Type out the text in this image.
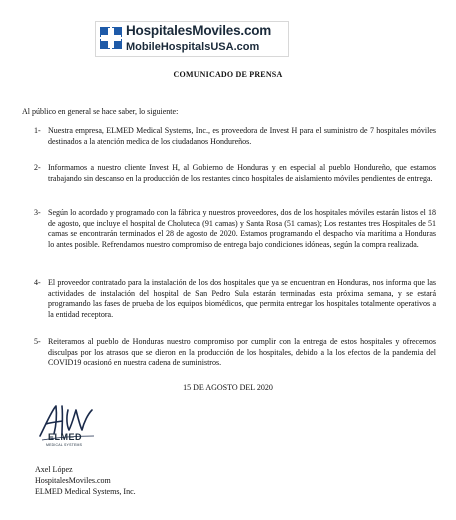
HospitalesMoviles.com
MobileHospitalsUSA.com
COMUNICADO DE PRENSA
Al público en general se hace saber, lo siguiente:
1- Nuestra empresa, ELMED Medical Systems, Inc., es proveedora de Invest H para el suministro de 7 hospitales móviles destinados a la atención medica de los ciudadanos Hondureños.
2- Informamos a nuestro cliente Invest H, al Gobierno de Honduras y en especial al pueblo Hondureño, que estamos trabajando sin descanso en la producción de los restantes cinco hospitales de aislamiento móviles pendientes de entrega.
3- Según lo acordado y programado con la fábrica y nuestros proveedores, dos de los hospitales móviles estarán listos el 18 de agosto, que incluye el hospital de Choluteca (91 camas) y Santa Rosa (51 camas); Los restantes tres Hospitales de 51 camas se encontrarán terminados el 28 de agosto de 2020. Estamos programando el despacho vía marítima a Honduras lo antes posible. Refrendamos nuestro compromiso de entrega bajo condiciones idóneas, según la compra realizada.
4- El proveedor contratado para la instalación de los dos hospitales que ya se encuentran en Honduras, nos informa que las actividades de instalación del hospital de San Pedro Sula estarán terminadas esta próxima semana, y se estará programando las fases de prueba de los equipos biomédicos, que permita entregar los hospitales totalmente operativos a la entidad receptora.
5- Reiteramos al pueblo de Honduras nuestro compromiso por cumplir con la entrega de estos hospitales y ofrecemos disculpas por los atrasos que se dieron en la producción de los hospitales, debido a la los efectos de la pandemia del COVID19 ocasionó en nuestra cadena de suministros.
15 DE AGOSTO DEL 2020
ELMED
MEDICAL SYSTEMS
Axel López
HospitalesMoviles.com
ELMED Medical Systems, Inc.
